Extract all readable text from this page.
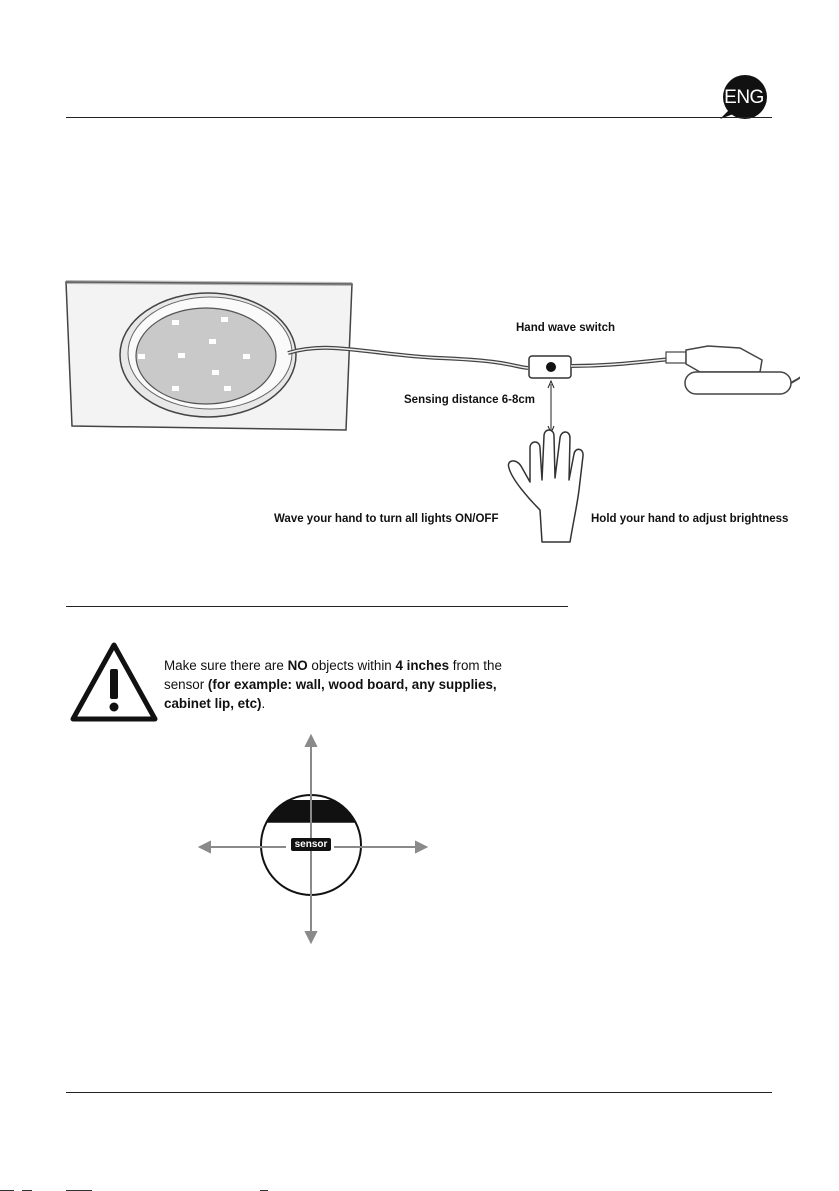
ENG
Hand wave switch
Sensing distance 6-8cm
Wave your hand to turn all lights ON/OFF	Hold your hand to adjust brightness
Make sure there are NO objects within 4 inches from the sensor (for example: wall, wood board, any supplies, cabinet lip, etc).
sensor
